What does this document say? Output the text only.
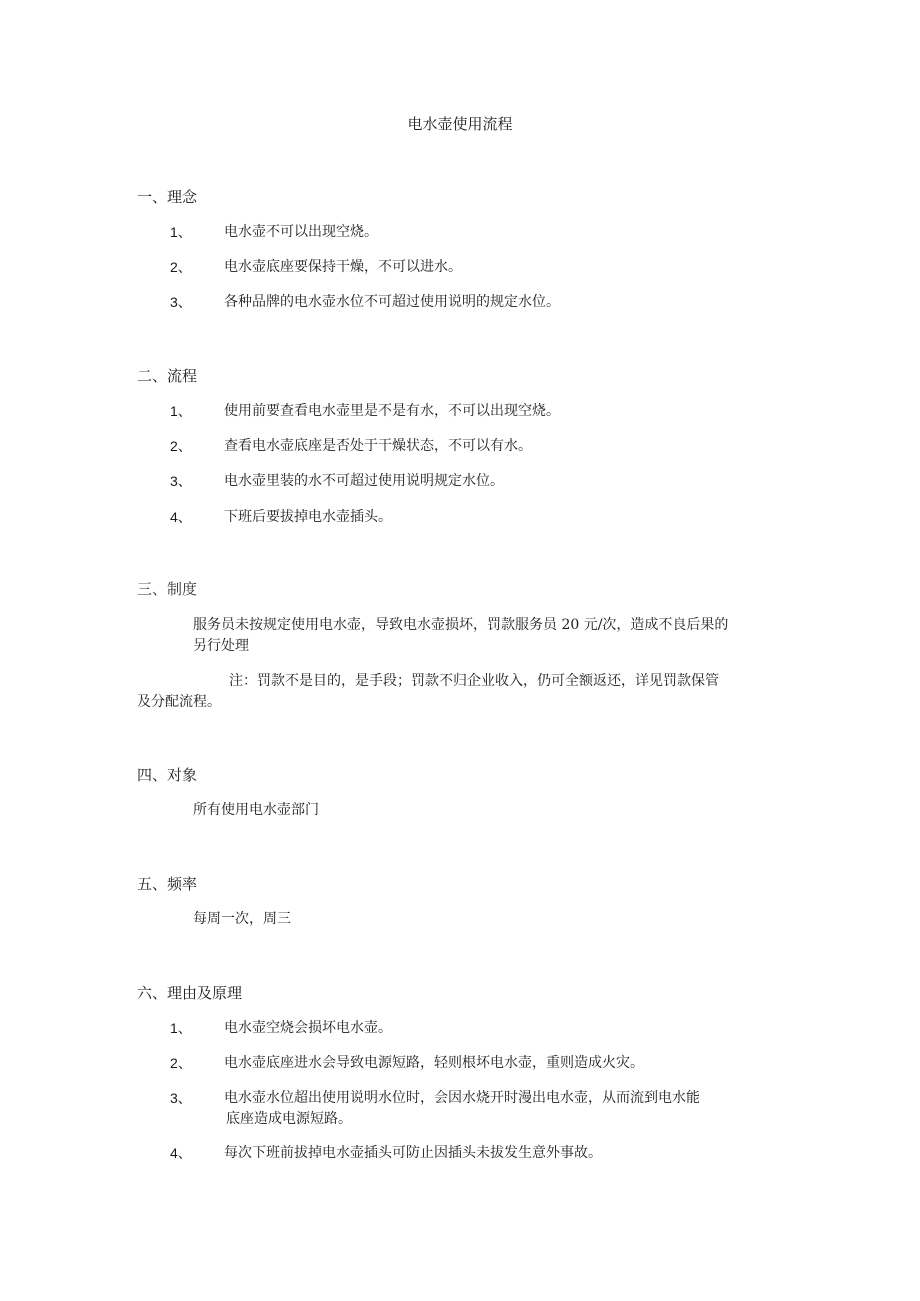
电水壶使用流程
一、理念
1、 电水壶不可以出现空烧。
2、 电水壶底座要保持干燥，不可以进水。
3、 各种品牌的电水壶水位不可超过使用说明的规定水位。
二、流程
1、 使用前要查看电水壶里是不是有水，不可以出现空烧。
2、 查看电水壶底座是否处于干燥状态，不可以有水。
3、 电水壶里装的水不可超过使用说明规定水位。
4、 下班后要拔掉电水壶插头。
三、制度
服务员未按规定使用电水壶，导致电水壶损坏，罚款服务员 20 元/次，造成不良后果的
另行处理
注：罚款不是目的，是手段；罚款不归企业收入，仍可全额返还，详见罚款保管
及分配流程。
四、对象
所有使用电水壶部门
五、频率
每周一次，周三
六、理由及原理
1、 电水壶空烧会损坏电水壶。
2、 电水壶底座进水会导致电源短路，轻则根坏电水壶，重则造成火灾。
3、 电水壶水位超出使用说明水位时，会因水烧开时漫出电水壶，从而流到电水能
底座造成电源短路。
4、 每次下班前拔掉电水壶插头可防止因插头未拔发生意外事故。
